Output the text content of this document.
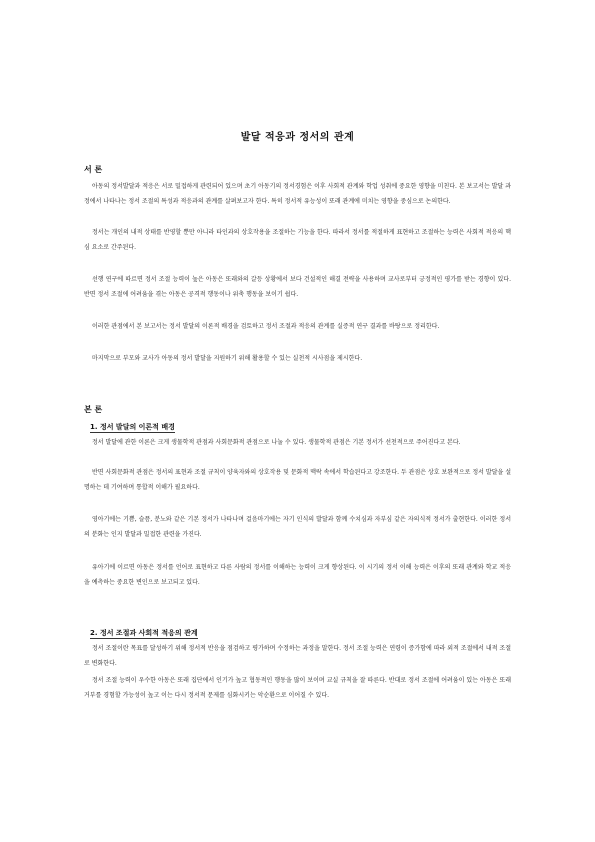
발달 적응과 정서의 관계
서 론

아동의 정서발달과 적응은 서로 밀접하게 관련되어 있으며 초기 아동기의 정서경험은 이후 사회적 관계와 학업 성취에 중요한 영향을 미친다. 본 보고서는 발달 과정에서 나타나는 정서 조절의 특성과 적응과의 관계를 살펴보고자 한다. 특히 정서적 유능성이 또래 관계에 미치는 영향을 중심으로 논의한다.

정서는 개인의 내적 상태를 반영할 뿐만 아니라 타인과의 상호작용을 조절하는 기능을 한다. 따라서 정서를 적절하게 표현하고 조절하는 능력은 사회적 적응의 핵심 요소로 간주된다.

선행 연구에 따르면 정서 조절 능력이 높은 아동은 또래와의 갈등 상황에서 보다 건설적인 해결 전략을 사용하며 교사로부터 긍정적인 평가를 받는 경향이 있다. 반면 정서 조절에 어려움을 겪는 아동은 공격적 행동이나 위축 행동을 보이기 쉽다.

이러한 관점에서 본 보고서는 정서 발달의 이론적 배경을 검토하고 정서 조절과 적응의 관계를 실증적 연구 결과를 바탕으로 정리한다.

마지막으로 부모와 교사가 아동의 정서 발달을 지원하기 위해 활용할 수 있는 실천적 시사점을 제시한다.

본 론
1. 정서 발달의 이론적 배경

정서 발달에 관한 이론은 크게 생물학적 관점과 사회문화적 관점으로 나눌 수 있다. 생물학적 관점은 기본 정서가 선천적으로 주어진다고 본다.

반면 사회문화적 관점은 정서의 표현과 조절 규칙이 양육자와의 상호작용 및 문화적 맥락 속에서 학습된다고 강조한다. 두 관점은 상호 보완적으로 정서 발달을 설명하는 데 기여하며 통합적 이해가 필요하다.

영아기에는 기쁨, 슬픔, 분노와 같은 기본 정서가 나타나며 걸음마기에는 자기 인식의 발달과 함께 수치심과 자부심 같은 자의식적 정서가 출현한다. 이러한 정서의 분화는 인지 발달과 밀접한 관련을 가진다.

유아기에 이르면 아동은 정서를 언어로 표현하고 다른 사람의 정서를 이해하는 능력이 크게 향상된다. 이 시기의 정서 이해 능력은 이후의 또래 관계와 학교 적응을 예측하는 중요한 변인으로 보고되고 있다.

2. 정서 조절과 사회적 적응의 관계

정서 조절이란 목표를 달성하기 위해 정서적 반응을 점검하고 평가하며 수정하는 과정을 말한다. 정서 조절 능력은 연령이 증가함에 따라 외적 조절에서 내적 조절로 변화한다.

정서 조절 능력이 우수한 아동은 또래 집단에서 인기가 높고 협동적인 행동을 많이 보이며 교실 규칙을 잘 따른다. 반대로 정서 조절에 어려움이 있는 아동은 또래 거부를 경험할 가능성이 높고 이는 다시 정서적 문제를 심화시키는 악순환으로 이어질 수 있다.
